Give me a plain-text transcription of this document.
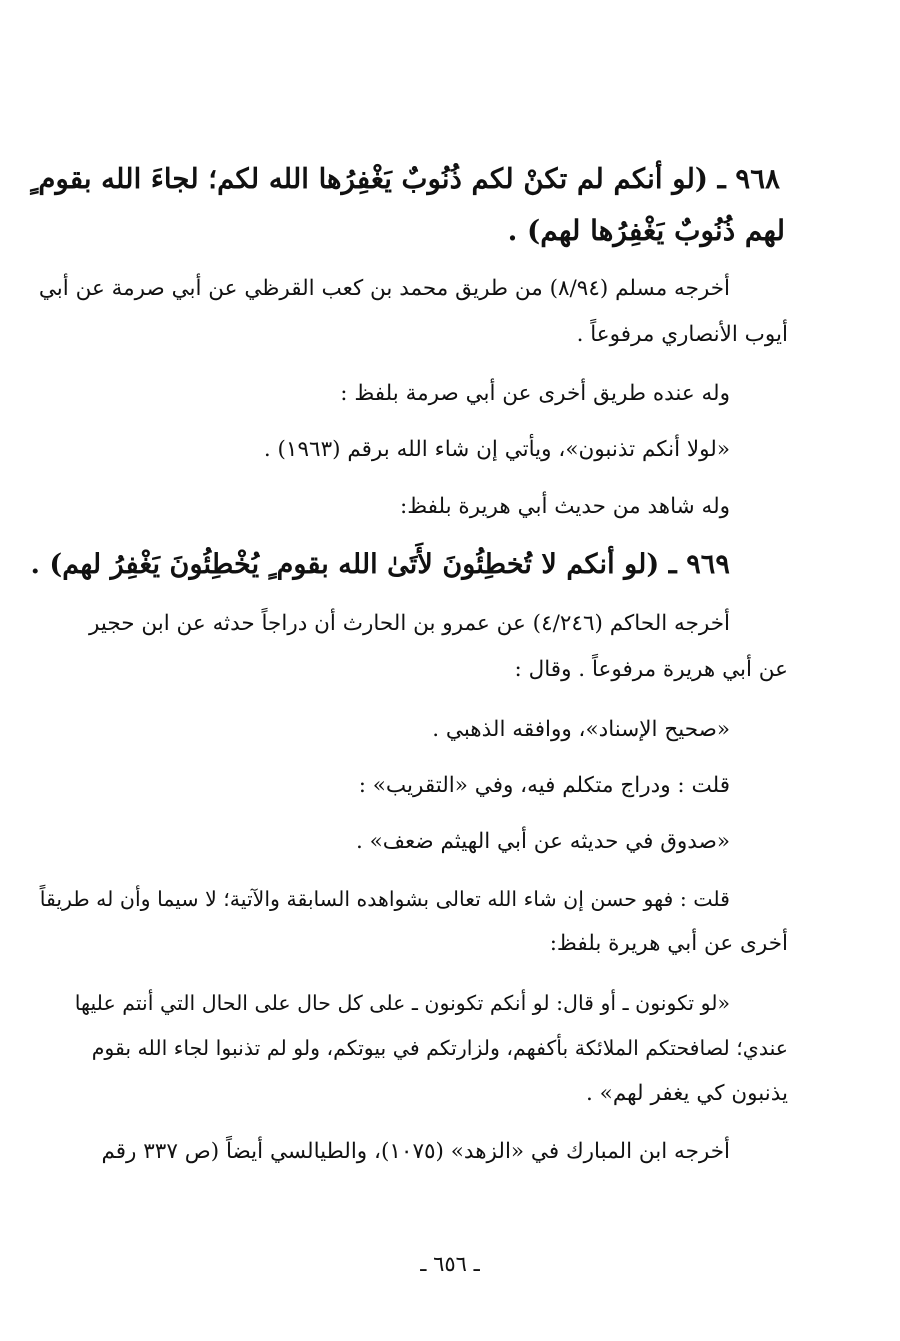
٩٦٨ ـ (لو أنكم لم تكنْ لكم ذُنُوبٌ يَغْفِرُها الله لكم؛ لجاءَ الله بقوم ٍ
لهم ذُنُوبٌ يَغْفِرُها لهم) .
أخرجه مسلم (٨/٩٤) من طريق محمد بن كعب القرظي عن أبي صرمة عن أبي
أيوب الأنصاري مرفوعاً .
وله عنده طريق أخرى عن أبي صرمة بلفظ :
«لولا أنكم تذنبون»، ويأتي إن شاء الله برقم (١٩٦٣) .
وله شاهد من حديث أبي هريرة بلفظ:
٩٦٩ ـ (لو أنكم لا تُخطِئُونَ لأَتَىٰ الله بقوم ٍ يُخْطِئُونَ يَغْفِرُ لهم) .
أخرجه الحاكم (٤/٢٤٦) عن عمرو بن الحارث أن دراجاً حدثه عن ابن حجير
عن أبي هريرة مرفوعاً . وقال :
«صحيح الإسناد»، ووافقه الذهبي .
قلت : ودراج متكلم فيه، وفي «التقريب» :
«صدوق في حديثه عن أبي الهيثم ضعف» .
قلت : فهو حسن إن شاء الله تعالى بشواهده السابقة والآتية؛ لا سيما وأن له طريقاً
أخرى عن أبي هريرة بلفظ:
«لو تكونون ـ أو قال: لو أنكم تكونون ـ على كل حال على الحال التي أنتم عليها
عندي؛ لصافحتكم الملائكة بأكفهم، ولزارتكم في بيوتكم، ولو لم تذنبوا لجاء الله بقوم
يذنبون كي يغفر لهم» .
أخرجه ابن المبارك في «الزهد» (١٠٧٥)، والطيالسي أيضاً (ص ٣٣٧ رقم
ـ ٦٥٦ ـ
